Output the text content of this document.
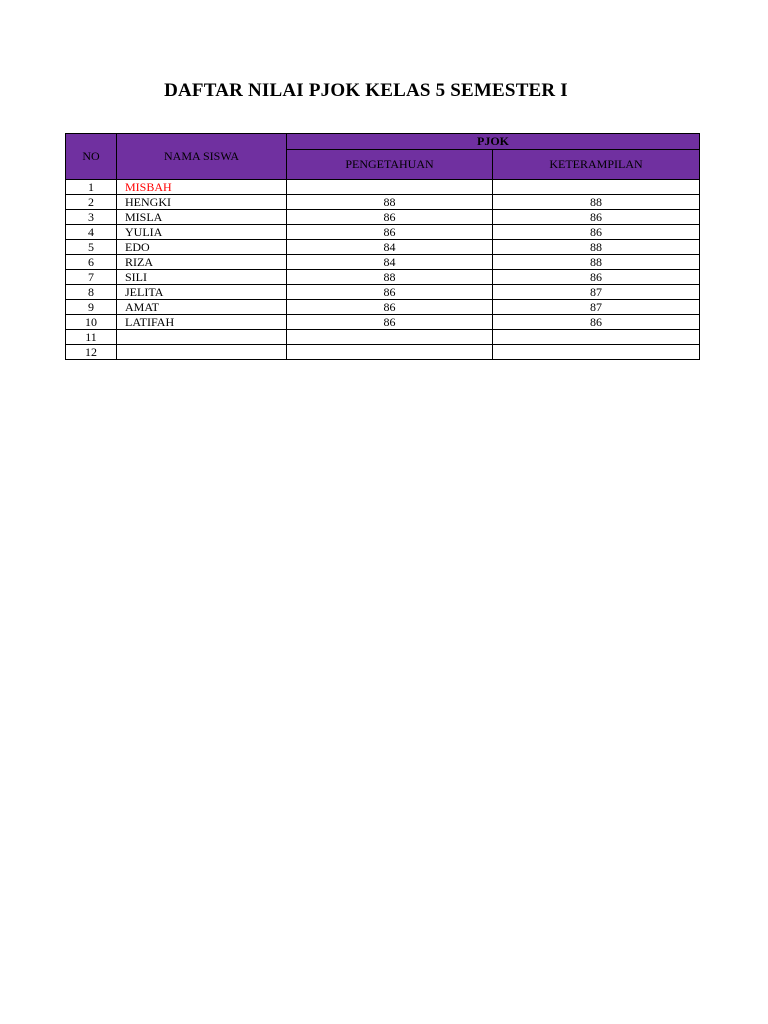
DAFTAR NILAI PJOK KELAS 5 SEMESTER I
NO	NAMA SISWA	PJOK	
		PENGETAHUAN	KETERAMPILAN
1	MISBAH		
2	HENGKI	88	88
3	MISLA	86	86
4	YULIA	86	86
5	EDO	84	88
6	RIZA	84	88
7	SILI	88	86
8	JELITA	86	87
9	AMAT	86	87
10	LATIFAH	86	86
11			
12			
